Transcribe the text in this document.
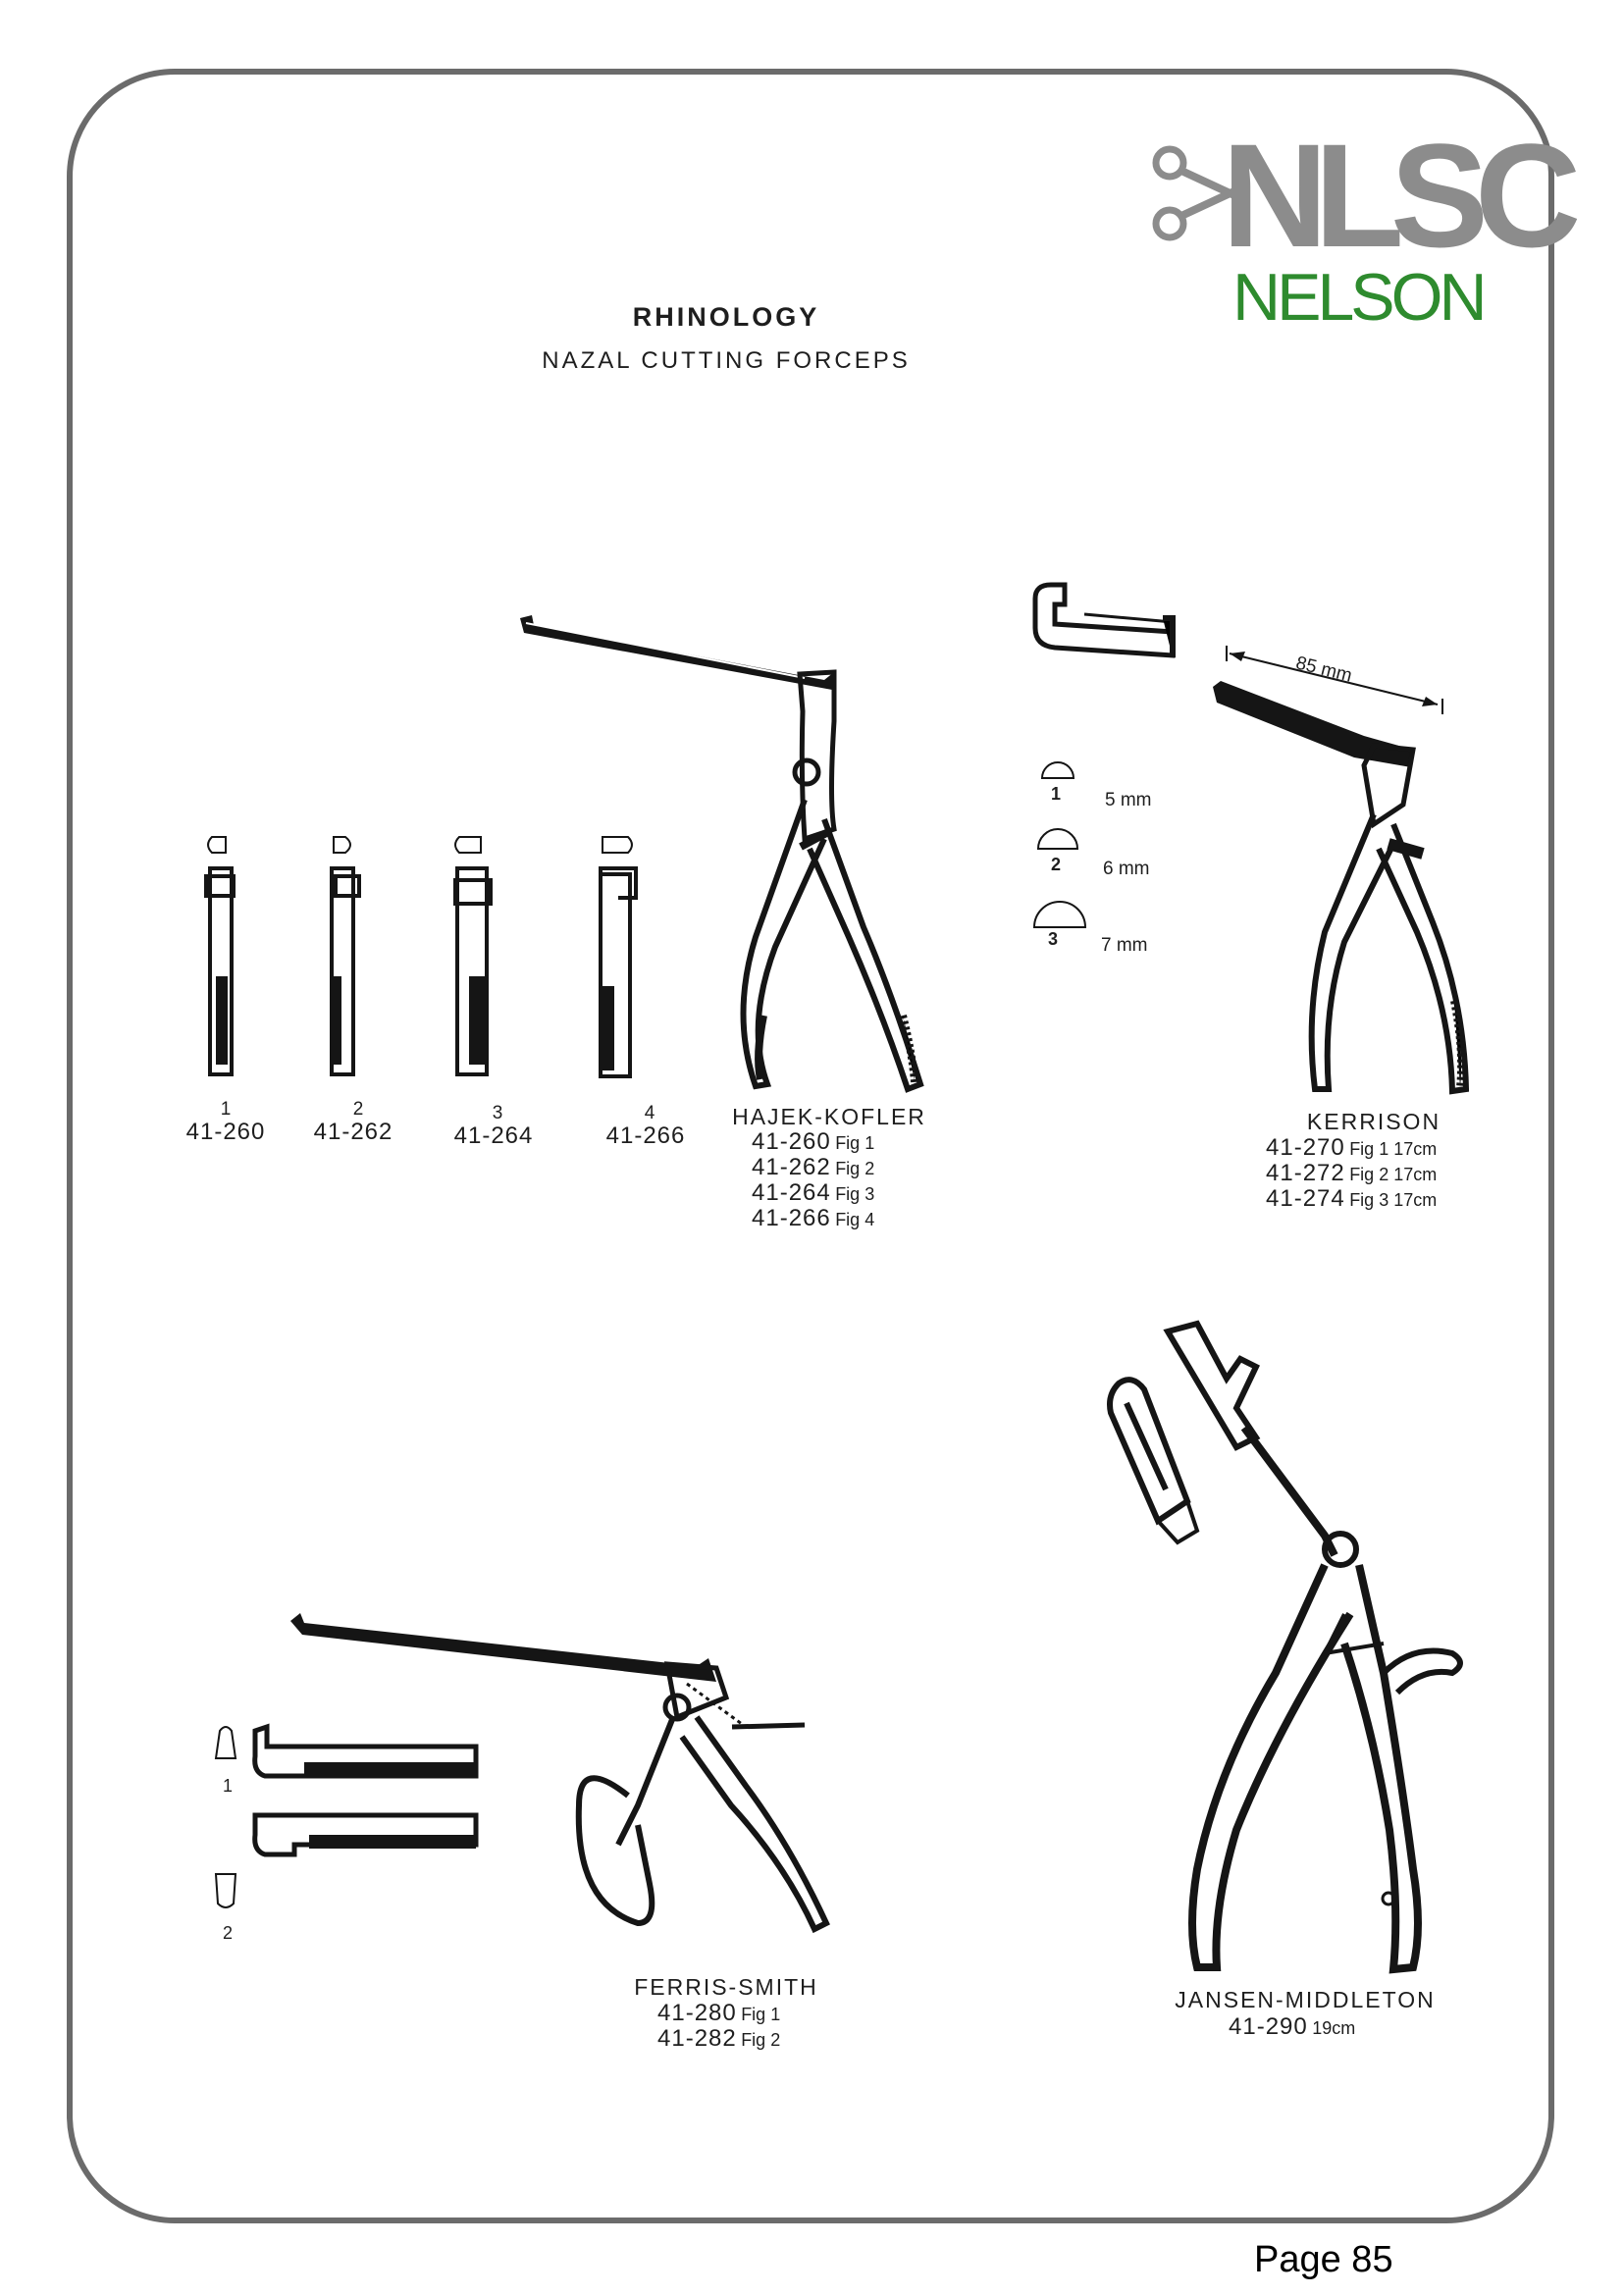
NLSC
NELSON
RHINOLOGY
NAZAL CUTTING FORCEPS
1
41-260
2
41-262
3
41-264
4
41-266
HAJEK-KOFLER
41-260 Fig 1
41-262 Fig 2
41-264 Fig 3
41-266 Fig 4
85 mm
1 5 mm
2 6 mm
3 7 mm
KERRISON
41-270 Fig 1 17cm
41-272 Fig 2 17cm
41-274 Fig 3 17cm
1
2
FERRIS-SMITH
41-280 Fig 1
41-282 Fig 2
JANSEN-MIDDLETON
41-290 19cm
Page 85
